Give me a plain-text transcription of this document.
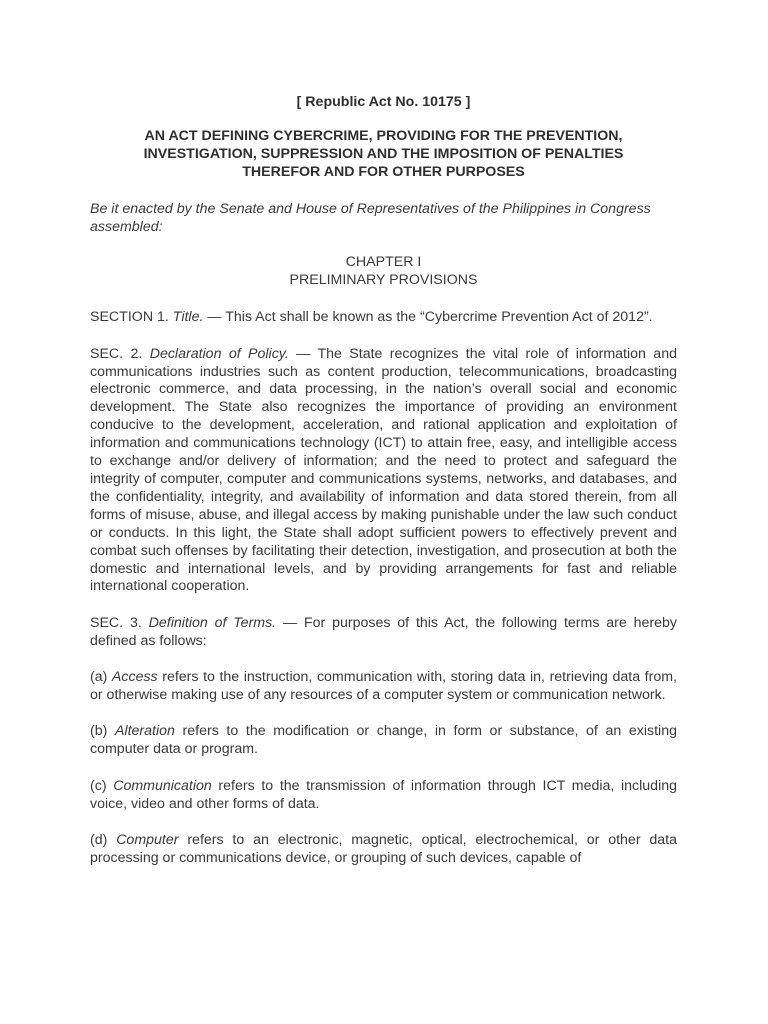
[ Republic Act No. 10175 ]
AN ACT DEFINING CYBERCRIME, PROVIDING FOR THE PREVENTION, INVESTIGATION, SUPPRESSION AND THE IMPOSITION OF PENALTIES THEREFOR AND FOR OTHER PURPOSES
Be it enacted by the Senate and House of Representatives of the Philippines in Congress assembled:
CHAPTER I
PRELIMINARY PROVISIONS

SECTION 1. Title. — This Act shall be known as the “Cybercrime Prevention Act of 2012”.

SEC. 2. Declaration of Policy. — The State recognizes the vital role of information and communications industries such as content production, telecommunications, broadcasting electronic commerce, and data processing, in the nation’s overall social and economic development. The State also recognizes the importance of providing an environment conducive to the development, acceleration, and rational application and exploitation of information and communications technology (ICT) to attain free, easy, and intelligible access to exchange and/or delivery of information; and the need to protect and safeguard the integrity of computer, computer and communications systems, networks, and databases, and the confidentiality, integrity, and availability of information and data stored therein, from all forms of misuse, abuse, and illegal access by making punishable under the law such conduct or conducts. In this light, the State shall adopt sufficient powers to effectively prevent and combat such offenses by facilitating their detection, investigation, and prosecution at both the domestic and international levels, and by providing arrangements for fast and reliable international cooperation.

SEC. 3. Definition of Terms. — For purposes of this Act, the following terms are hereby defined as follows:

(a) Access refers to the instruction, communication with, storing data in, retrieving data from, or otherwise making use of any resources of a computer system or communication network.

(b) Alteration refers to the modification or change, in form or substance, of an existing computer data or program.

(c) Communication refers to the transmission of information through ICT media, including voice, video and other forms of data.

(d) Computer refers to an electronic, magnetic, optical, electrochemical, or other data processing or communications device, or grouping of such devices, capable of
